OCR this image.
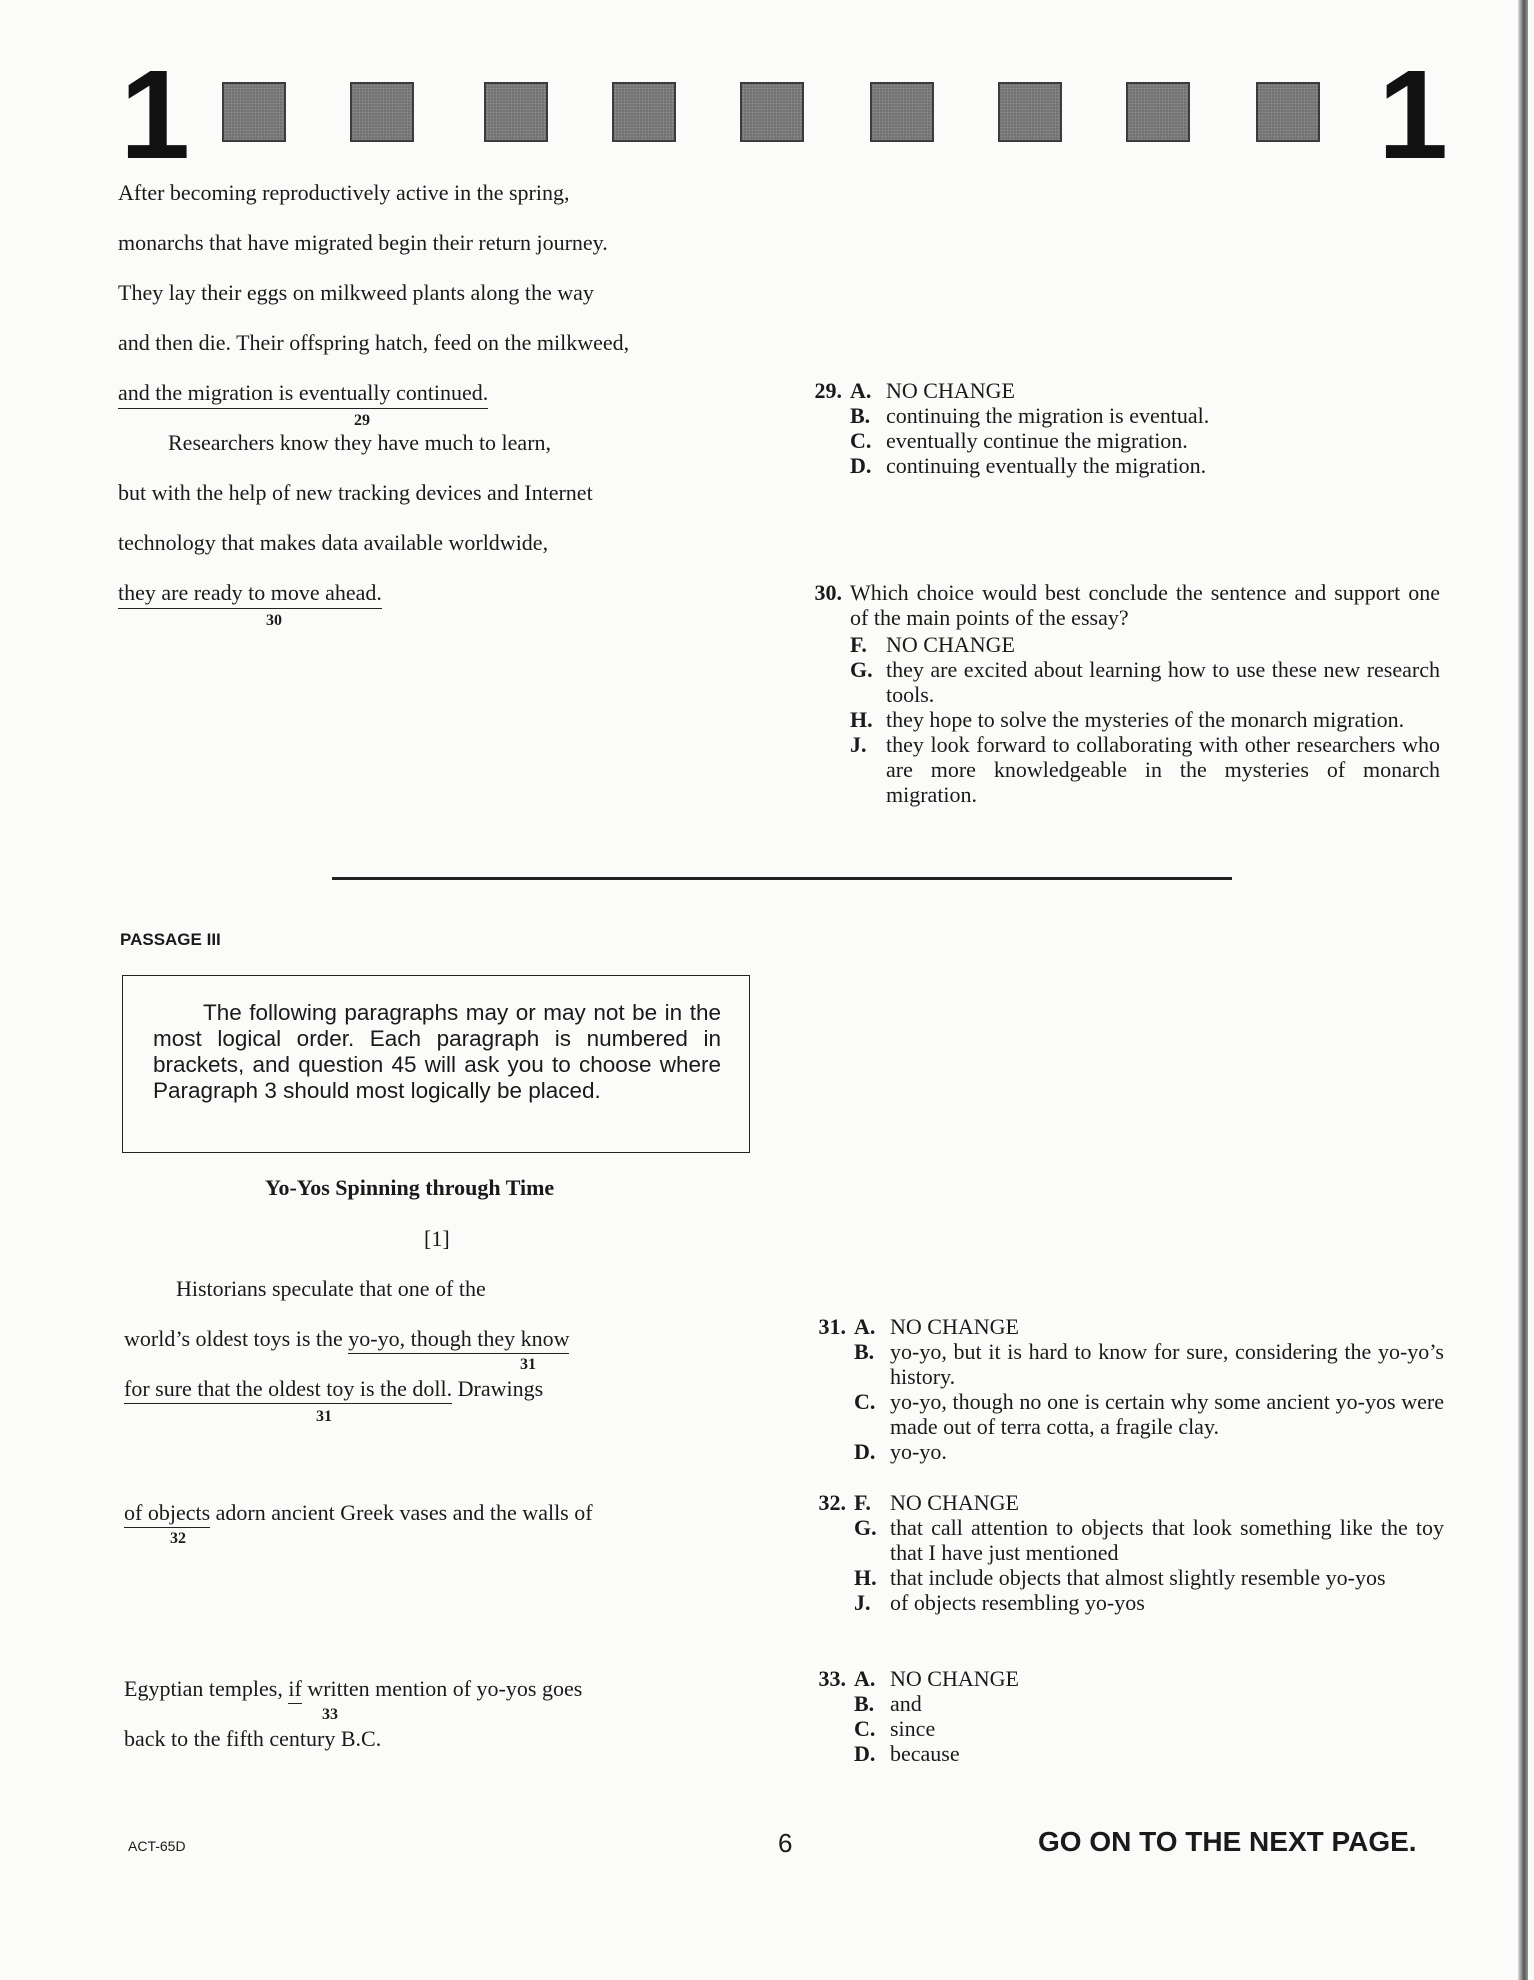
1	1
After becoming reproductively active in the spring,
monarchs that have migrated begin their return journey.
They lay their eggs on milkweed plants along the way
and then die. Their offspring hatch, feed on the milkweed,
and the migration is eventually continued.
29
Researchers know they have much to learn,
but with the help of new tracking devices and Internet
technology that makes data available worldwide,
they are ready to move ahead.
30
29. A. NO CHANGE
B. continuing the migration is eventual.
C. eventually continue the migration.
D. continuing eventually the migration.
30. Which choice would best conclude the sentence and support one of the main points of the essay?
F. NO CHANGE
G. they are excited about learning how to use these new research tools.
H. they hope to solve the mysteries of the monarch migration.
J. they look forward to collaborating with other researchers who are more knowledgeable in the mysteries of monarch migration.
PASSAGE III
The following paragraphs may or may not be in the most logical order. Each paragraph is numbered in brackets, and question 45 will ask you to choose where Paragraph 3 should most logically be placed.
Yo-Yos Spinning through Time
[1]
Historians speculate that one of the
world’s oldest toys is the yo-yo, though they know
31
for sure that the oldest toy is the doll. Drawings
31
of objects adorn ancient Greek vases and the walls of
32
Egyptian temples, if written mention of yo-yos goes
33
back to the fifth century B.C.
31. A. NO CHANGE
B. yo-yo, but it is hard to know for sure, considering the yo-yo’s history.
C. yo-yo, though no one is certain why some ancient yo-yos were made out of terra cotta, a fragile clay.
D. yo-yo.
32. F. NO CHANGE
G. that call attention to objects that look something like the toy that I have just mentioned
H. that include objects that almost slightly resemble yo-yos
J. of objects resembling yo-yos
33. A. NO CHANGE
B. and
C. since
D. because
ACT-65D	6	GO ON TO THE NEXT PAGE.
